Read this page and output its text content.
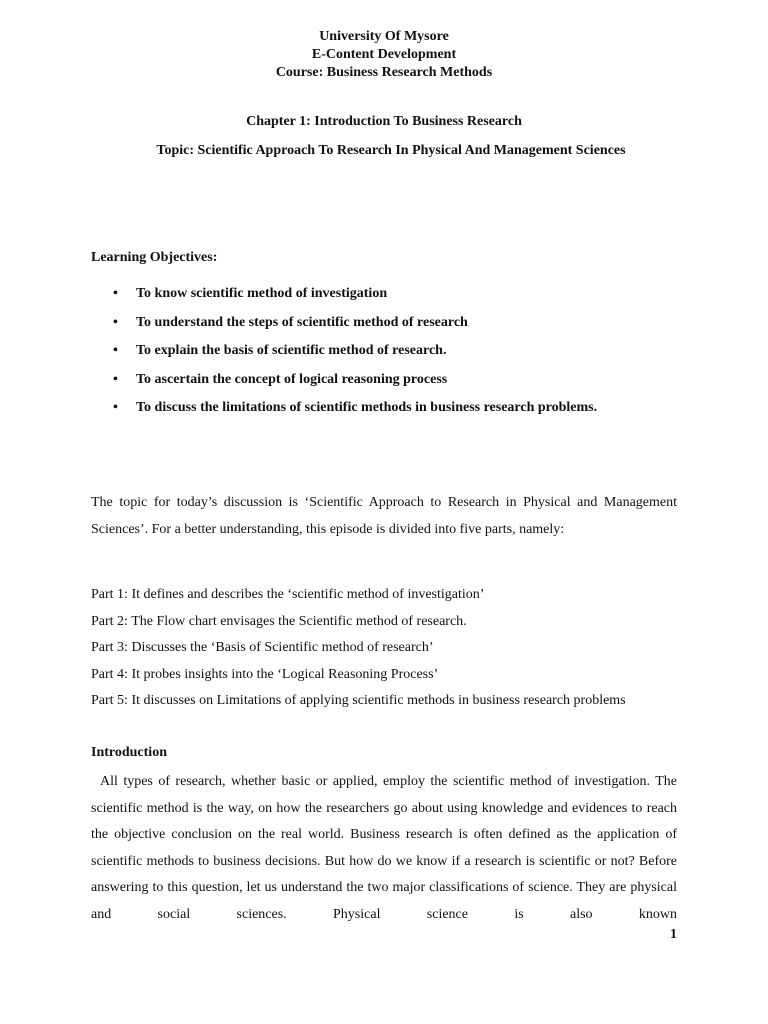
University Of Mysore
E-Content Development
Course: Business Research Methods
Chapter 1: Introduction To Business Research
Topic: Scientific Approach To Research In Physical And Management Sciences
Learning Objectives:
• To know scientific method of investigation
• To understand the steps of scientific method of research
• To explain the basis of scientific method of research.
• To ascertain the concept of logical reasoning process
• To discuss the limitations of scientific methods in business research problems.
The topic for today’s discussion is ‘Scientific Approach to Research in Physical and Management Sciences’. For a better understanding, this episode is divided into five parts, namely:
Part 1: It defines and describes the ‘scientific method of investigation’
Part 2: The Flow chart envisages the Scientific method of research.
Part 3: Discusses the ‘Basis of Scientific method of research’
Part 4: It probes insights into the ‘Logical Reasoning Process’
Part 5: It discusses on Limitations of applying scientific methods in business research problems
Introduction
All types of research, whether basic or applied, employ the scientific method of investigation. The scientific method is the way, on how the researchers go about using knowledge and evidences to reach the objective conclusion on the real world. Business research is often defined as the application of scientific methods to business decisions. But how do we know if a research is scientific or not? Before answering to this question, let us understand the two major classifications of science. They are physical and social sciences. Physical science is also known
1
